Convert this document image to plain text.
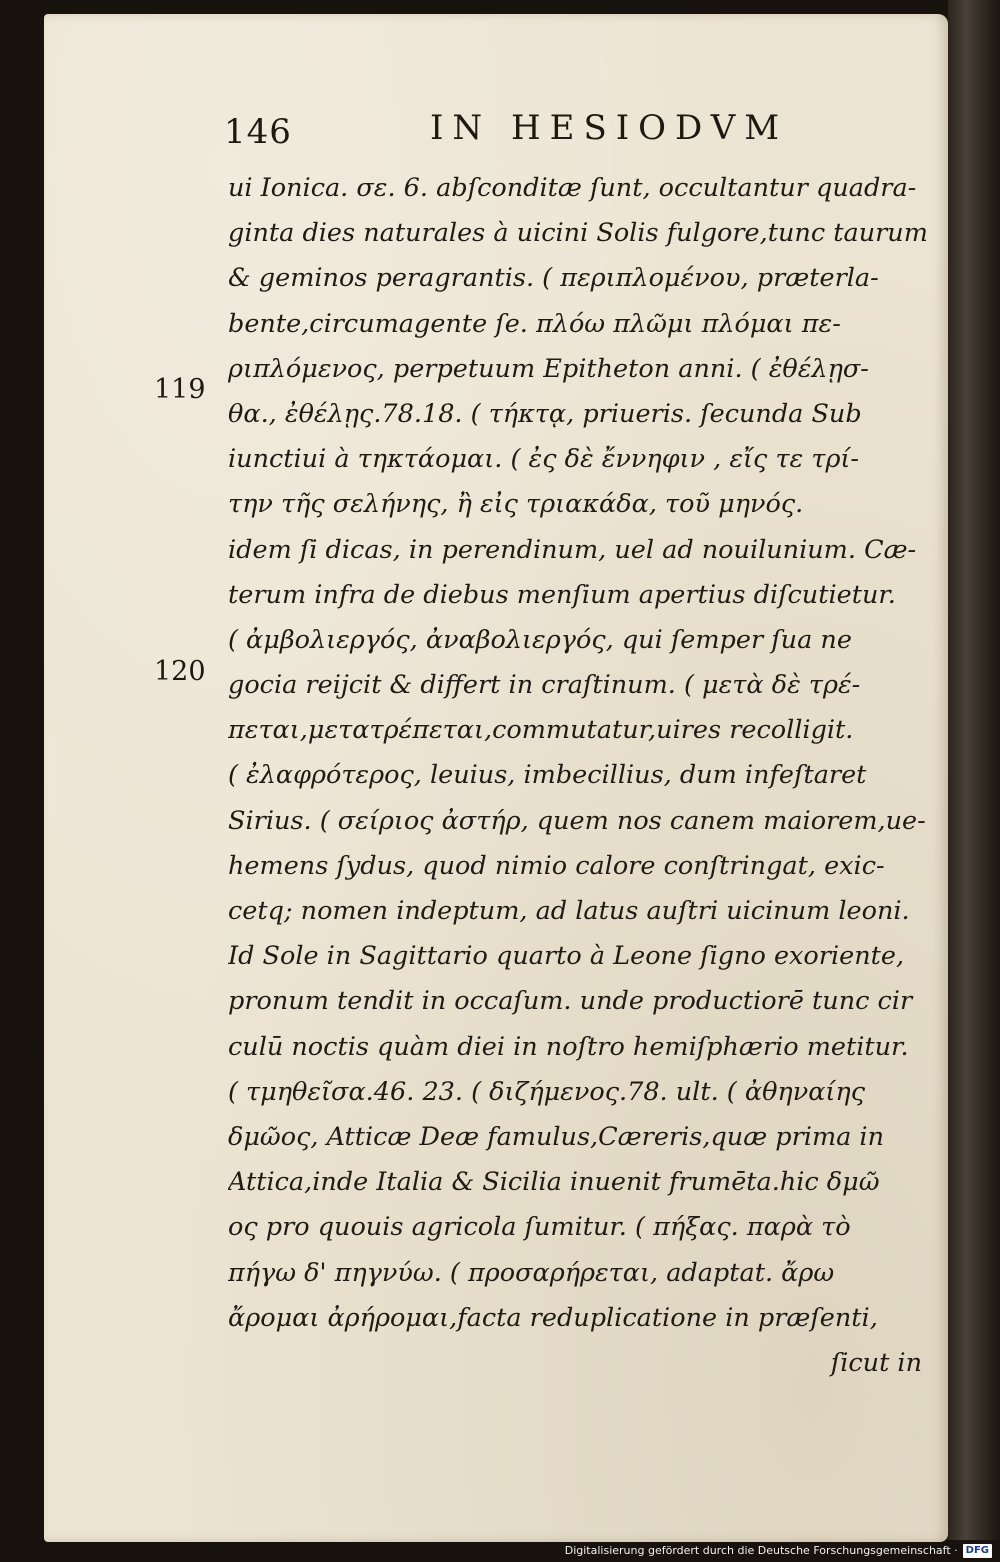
146	IN HESIODVM
119
120
ui Ionica. σε. 6. abſconditæ ſunt, occultantur quadra-
ginta dies naturales à uicini Solis fulgore,tunc taurum
& geminos peragrantis. ( περιπλομένου, præterla-
bente,circumagente ſe. πλόω πλῶμι πλόμαι πε-
ριπλόμενος, perpetuum Epitheton anni. ( ἐθέλῃσ-
θα., ἐθέλῃς.78.18. ( τήκτᾳ, priueris. ſecunda Sub
iunctiui à τηκτάομαι. ( ἐς δὲ ἔννηφιν , εἴς τε τρί-
την τῆς σελήνης, ἢ εἰς τριακάδα, τοῦ μηνός.
idem ſi dicas, in perendinum, uel ad nouilunium. Cæ-
terum infra de diebus menſium apertius diſcutietur.
( ἀμβολιεργός, ἀναβολιεργός, qui ſemper ſua ne
gocia reijcit & differt in craſtinum. ( μετὰ δὲ τρέ-
πεται,μετατρέπεται,commutatur,uires recolligit.
( ἐλαφρότερος, leuius, imbecillius, dum infeſtaret
Sirius. ( σείριος ἀστήρ, quem nos canem maiorem,ue-
hemens ſydus, quod nimio calore conſtringat, exic-
cetq; nomen indeptum, ad latus auſtri uicinum leoni.
Id Sole in Sagittario quarto à Leone ſigno exoriente,
pronum tendit in occaſum. unde productiorē tunc cir
culū noctis quàm diei in noſtro hemiſphærio metitur.
( τμηθεῖσα.46. 23. ( διζήμενος.78. ult. ( ἀθηναίης
δμῶος, Atticæ Deæ famulus,Cæreris,quæ prima in
Attica,inde Italia & Sicilia inuenit frumēta.hic δμῶ
ος pro quouis agricola ſumitur. ( πήξας. παρὰ τὸ
πήγω δ' πηγνύω. ( προσαρήρεται, adaptat. ἄρω
ἄρομαι ἀρήρομαι,facta reduplicatione in præſenti,
ſicut in
Digitalisierung gefördert durch die Deutsche Forschungsgemeinschaft · DFG
